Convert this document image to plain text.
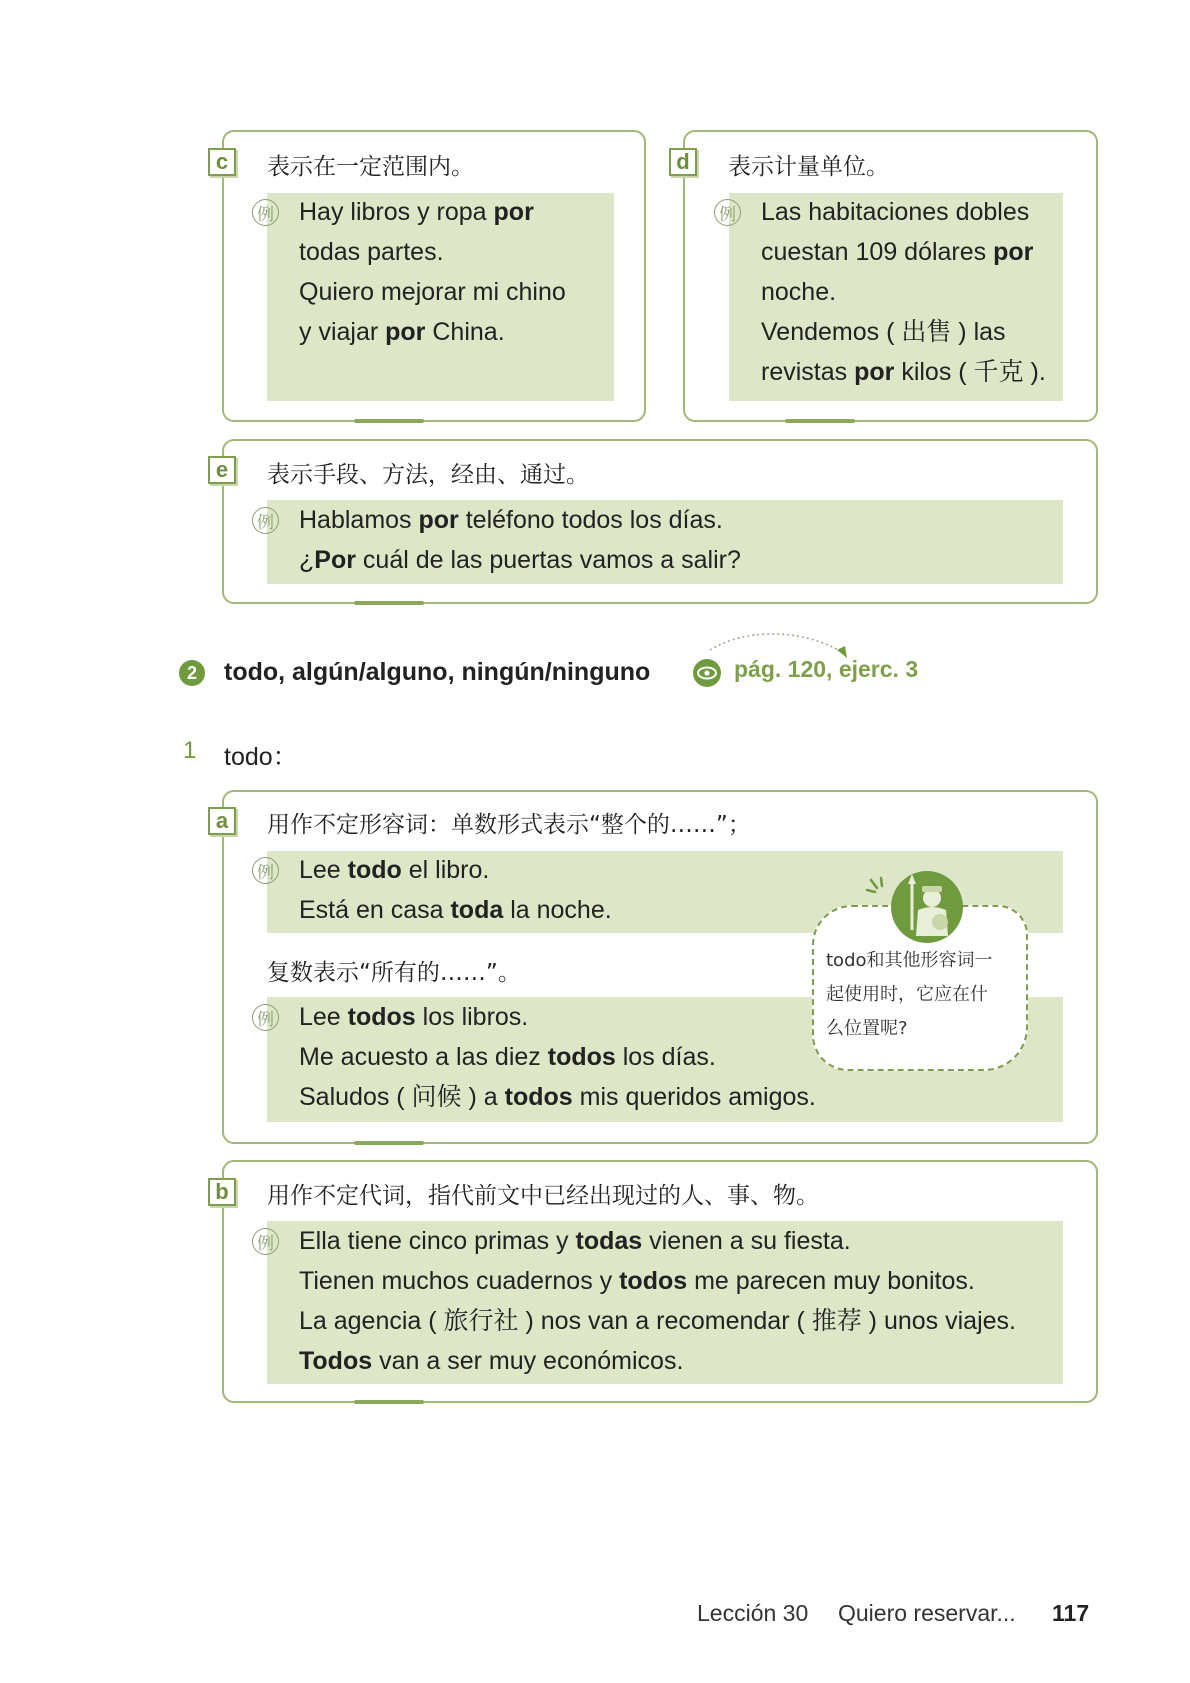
c	表示在一定范围内。
例 Hay libros y ropa por
todas partes.
Quiero mejorar mi chino
y viajar por China.
d	表示计量单位。
例 Las habitaciones dobles
cuestan 109 dólares por
noche.
Vendemos ( 出售 ) las
revistas por kilos ( 千克 ).
e	表示手段、方法，经由、通过。
例 Hablamos por teléfono todos los días.
¿Por cuál de las puertas vamos a salir?
2	todo, algún/alguno, ningún/ninguno	pág. 120, ejerc. 3
1 todo：
a	用作不定形容词：单数形式表示“整个的……”；
例 Lee todo el libro.
Está en casa toda la noche.
复数表示“所有的……”。
例 Lee todos los libros.
Me acuesto a las diez todos los días.
Saludos ( 问候 ) a todos mis queridos amigos.
todo和其他形容词一
起使用时，它应在什
么位置呢?
b	用作不定代词，指代前文中已经出现过的人、事、物。
例 Ella tiene cinco primas y todas vienen a su fiesta.
Tienen muchos cuadernos y todos me parecen muy bonitos.
La agencia ( 旅行社 ) nos van a recomendar ( 推荐 ) unos viajes.
Todos van a ser muy económicos.
Lección 30 Quiero reservar... 117
